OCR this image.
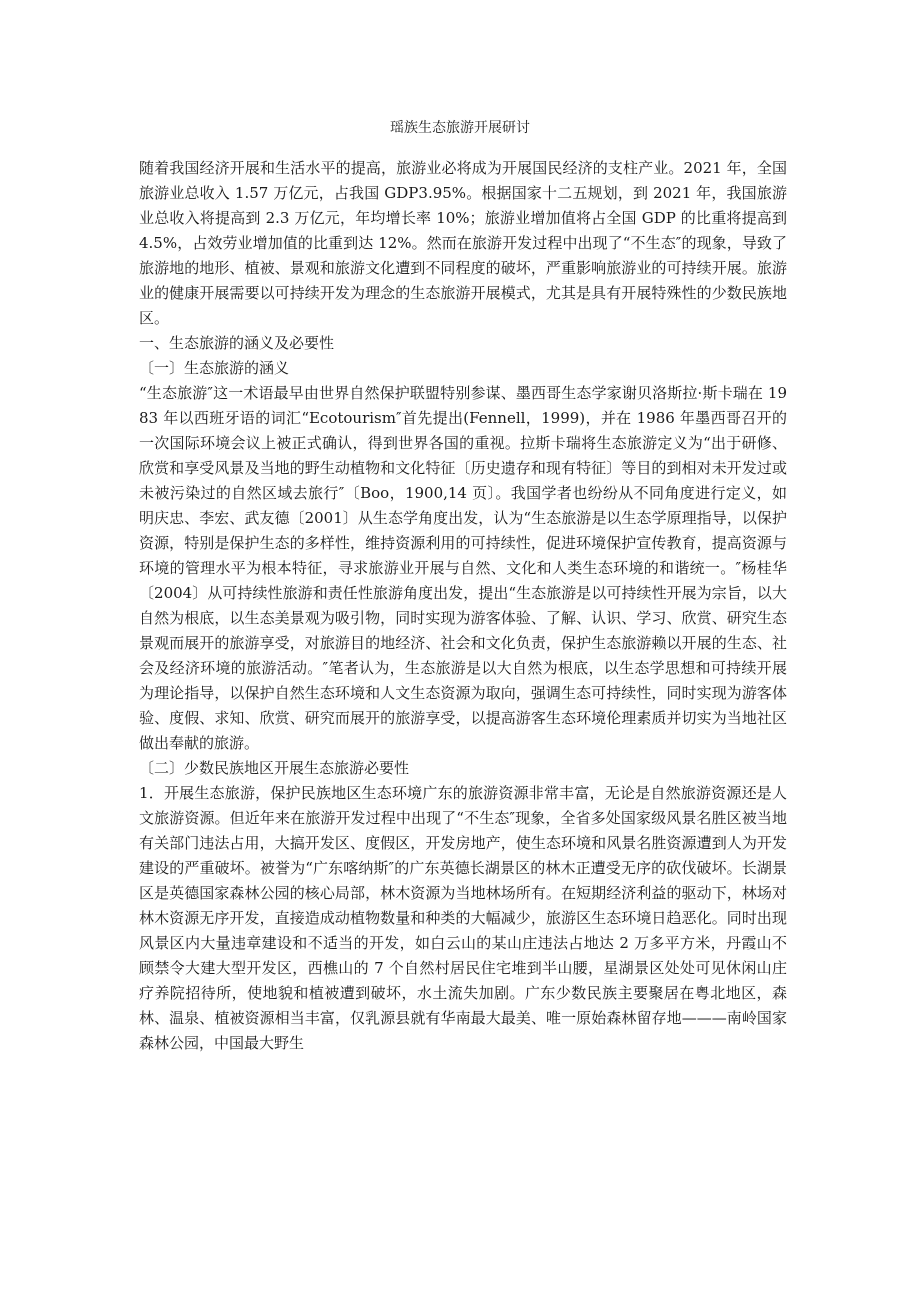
瑶族生态旅游开展研讨

随着我国经济开展和生活水平的提高，旅游业必将成为开展国民经济的支柱产业。2021 年，全国旅游业总收入 1.57 万亿元，占我国 GDP3.95%。根据国家十二五规划，到 2021 年，我国旅游业总收入将提高到 2.3 万亿元，年均增长率 10%；旅游业增加值将占全国 GDP 的比重将提高到 4.5%，占效劳业增加值的比重到达 12%。然而在旅游开发过程中出现了“不生态″的现象，导致了旅游地的地形、植被、景观和旅游文化遭到不同程度的破坏，严重影响旅游业的可持续开展。旅游业的健康开展需要以可持续开发为理念的生态旅游开展模式，尤其是具有开展特殊性的少数民族地区。

一、生态旅游的涵义及必要性

〔一〕生态旅游的涵义

“生态旅游″这一术语最早由世界自然保护联盟特别参谋、墨西哥生态学家谢贝洛斯拉·斯卡瑞在 1983 年以西班牙语的词汇“Ecotourism″首先提出(Fennell，1999)，并在 1986 年墨西哥召开的一次国际环境会议上被正式确认，得到世界各国的重视。拉斯卡瑞将生态旅游定义为“出于研修、欣赏和享受风景及当地的野生动植物和文化特征〔历史遗存和现有特征〕等目的到相对未开发过或未被污染过的自然区域去旅行″〔Boo，1900,14 页〕。我国学者也纷纷从不同角度进行定义，如明庆忠、李宏、武友德〔2001〕从生态学角度出发，认为“生态旅游是以生态学原理指导，以保护资源，特别是保护生态的多样性，维持资源利用的可持续性，促进环境保护宣传教育，提高资源与环境的管理水平为根本特征，寻求旅游业开展与自然、文化和人类生态环境的和谐统一。″杨桂华〔2004〕从可持续性旅游和责任性旅游角度出发，提出“生态旅游是以可持续性开展为宗旨，以大自然为根底，以生态美景观为吸引物，同时实现为游客体验、了解、认识、学习、欣赏、研究生态景观而展开的旅游享受，对旅游目的地经济、社会和文化负责，保护生态旅游赖以开展的生态、社会及经济环境的旅游活动。″笔者认为，生态旅游是以大自然为根底，以生态学思想和可持续开展为理论指导，以保护自然生态环境和人文生态资源为取向，强调生态可持续性，同时实现为游客体验、度假、求知、欣赏、研究而展开的旅游享受，以提高游客生态环境伦理素质并切实为当地社区做出奉献的旅游。

〔二〕少数民族地区开展生态旅游必要性

1．开展生态旅游，保护民族地区生态环境广东的旅游资源非常丰富，无论是自然旅游资源还是人文旅游资源。但近年来在旅游开发过程中出现了“不生态″现象，全省多处国家级风景名胜区被当地有关部门违法占用，大搞开发区、度假区，开发房地产，使生态环境和风景名胜资源遭到人为开发建设的严重破坏。被誉为“广东喀纳斯″的广东英德长湖景区的林木正遭受无序的砍伐破坏。长湖景区是英德国家森林公园的核心局部，林木资源为当地林场所有。在短期经济利益的驱动下，林场对林木资源无序开发，直接造成动植物数量和种类的大幅减少，旅游区生态环境日趋恶化。同时出现风景区内大量违章建设和不适当的开发，如白云山的某山庄违法占地达 2 万多平方米，丹霞山不顾禁令大建大型开发区，西樵山的 7 个自然村居民住宅堆到半山腰，星湖景区处处可见休闲山庄疗养院招待所，使地貌和植被遭到破坏，水土流失加剧。广东少数民族主要聚居在粤北地区，森林、温泉、植被资源相当丰富，仅乳源县就有华南最大最美、唯一原始森林留存地———南岭国家森林公园，中国最大野生
